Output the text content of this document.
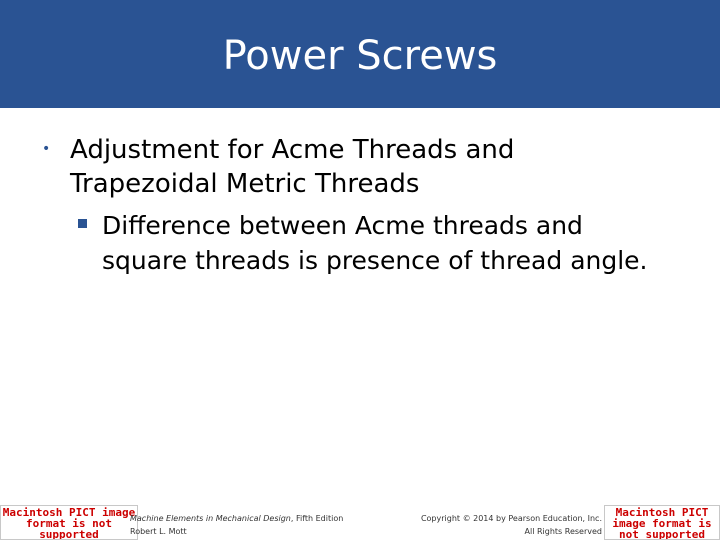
Power Screws
• Adjustment for Acme Threads and Trapezoidal Metric Threads
Difference between Acme threads and square threads is presence of thread angle.
Macintosh PICT image format is not supported
Machine Elements in Mechanical Design, Fifth Edition
Robert L. Mott
Copyright © 2014 by Pearson Education, Inc.
All Rights Reserved
Macintosh PICT image format is not supported
